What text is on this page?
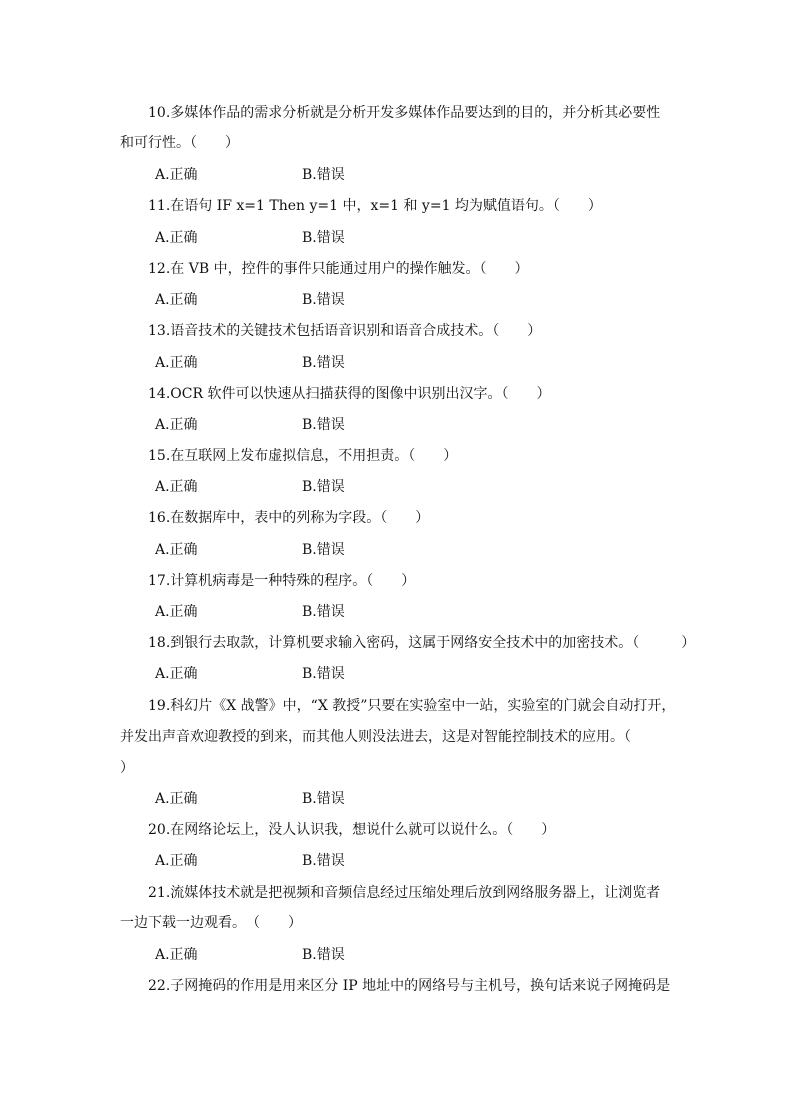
10.多媒体作品的需求分析就是分析开发多媒体作品要达到的目的，并分析其必要性
和可行性。（　　）
A.正确	B.错误
11.在语句 IF x=1 Then y=1 中，x=1 和 y=1 均为赋值语句。（　　）
A.正确	B.错误
12.在 VB 中，控件的事件只能通过用户的操作触发。（　　）
A.正确	B.错误
13.语音技术的关键技术包括语音识别和语音合成技术。（　　）
A.正确	B.错误
14.OCR 软件可以快速从扫描获得的图像中识别出汉字。（　　）
A.正确	B.错误
15.在互联网上发布虚拟信息，不用担责。（　　）
A.正确	B.错误
16.在数据库中，表中的列称为字段。（　　）
A.正确	B.错误
17.计算机病毒是一种特殊的程序。（　　）
A.正确	B.错误
18.到银行去取款，计算机要求输入密码，这属于网络安全技术中的加密技术。（　　　）
A.正确	B.错误
19.科幻片《X 战警》中，“X 教授”只要在实验室中一站，实验室的门就会自动打开，
并发出声音欢迎教授的到来，而其他人则没法进去，这是对智能控制技术的应用。（
）
A.正确	B.错误
20.在网络论坛上，没人认识我，想说什么就可以说什么。（　　）
A.正确	B.错误
21.流媒体技术就是把视频和音频信息经过压缩处理后放到网络服务器上，让浏览者
一边下载一边观看。　（　　）
A.正确	B.错误
22.子网掩码的作用是用来区分 IP 地址中的网络号与主机号，换句话来说子网掩码是
